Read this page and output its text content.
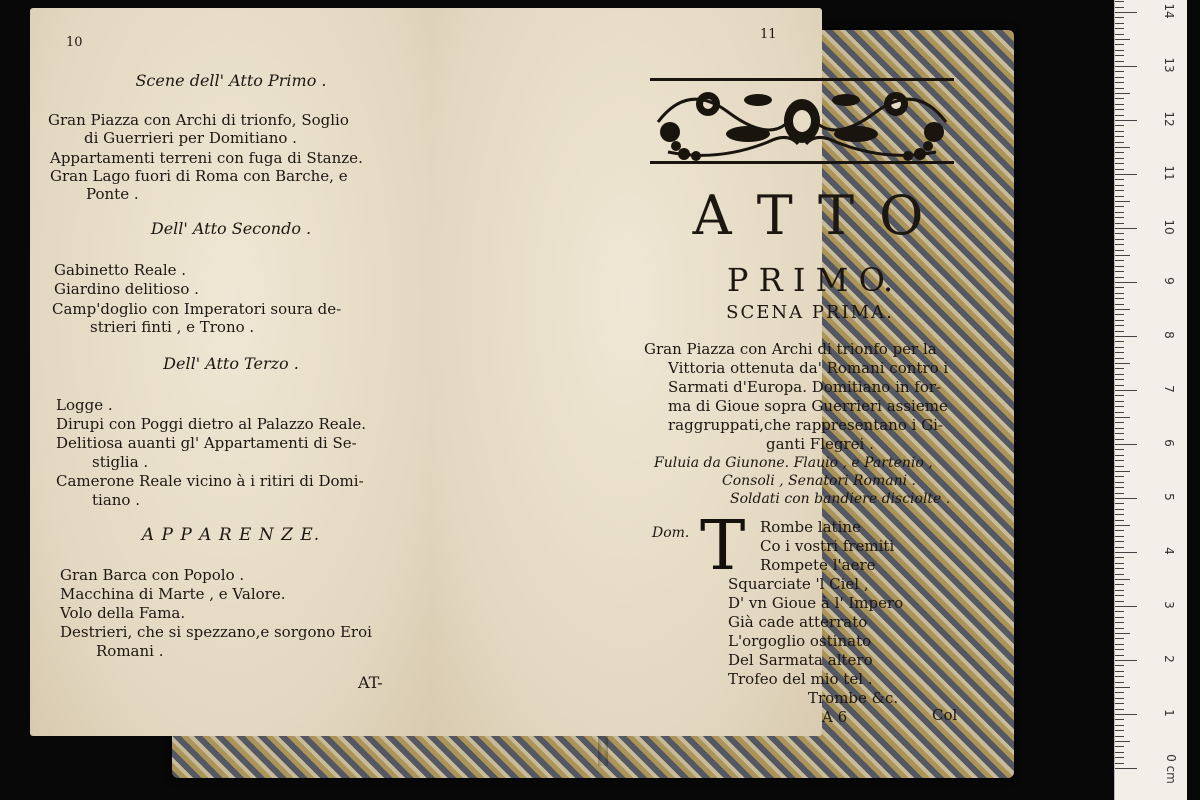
10
Scene dell' Atto Primo .
Gran Piazza con Archi di trionfo, Soglio
di Guerrieri per Domitiano .
Appartamenti terreni con fuga di Stanze.
Gran Lago fuori di Roma con Barche, e
Ponte .
Dell' Atto Secondo .
Gabinetto Reale .
Giardino delitioso .
Camp'doglio con Imperatori soura de-
strieri finti , e Trono .
Dell' Atto Terzo .
Logge .
Dirupi con Poggi dietro al Palazzo Reale.
Delitiosa auanti gl' Appartamenti di Se-
stiglia .
Camerone Reale vicino à i ritiri di Domi-
tiano .
A P P A R E N Z E.
Gran Barca con Popolo .
Macchina di Marte , e Valore.
Volo della Fama.
Destrieri, che si spezzano,e sorgono Eroi
Romani .
AT-
11
A T T O
P R I M O.
SCENA PRIMA.
Gran Piazza con Archi di trionfo per la
Vittoria ottenuta da' Romani contro i
Sarmati d'Europa. Domitiano in for-
ma di Gioue sopra Guerrieri assieme
raggruppati,che rappresentano i Gi-
ganti Flegrei .
Fuluia da Giunone. Flauio , e Partenio ,
Consoli , Senatori Romani .
Soldati con bandiere disciolte .
Dom. T Rombe latine
Co i vostri fremiti
Rompete l'aere
Squarciate 'l Ciel ,
D' vn Gioue à l' Impero
Già cade atterrato
L'orgoglio ostinato
Del Sarmata altero
Trofeo del mio tel .
Trombe &c.
A 6	Col
0 cm
1
2
3
4
5
6
7
8
9
10
11
12
13
14
